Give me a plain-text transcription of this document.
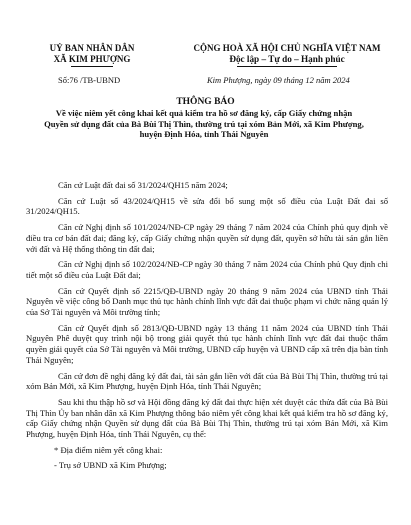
UỶ BAN NHÂN DÂN
XÃ KIM PHƯỢNG
CỘNG HOÀ XÃ HỘI CHỦ NGHĨA VIỆT NAM
Độc lập – Tự do – Hạnh phúc
Số:76 /TB-UBND	Kim Phượng, ngày 09 tháng 12 năm 2024
THÔNG BÁO
Về việc niêm yết công khai kết quả kiểm tra hồ sơ đăng ký, cấp Giấy chứng nhận Quyền sử dụng đất của Bà Bùi Thị Thìn, thường trú tại xóm Bản Mới, xã Kim Phượng, huyện Định Hóa, tỉnh Thái Nguyên

Căn cứ Luật đất đai số 31/2024/QH15 năm 2024;

Căn cứ Luật số 43/2024/QH15 về sửa đổi bổ sung một số điều của Luật Đất đai số 31/2024/QH15.

Căn cứ Nghị định số 101/2024/NĐ-CP ngày 29 tháng 7 năm 2024 của Chính phủ quy định về điều tra cơ bản đất đai; đăng ký, cấp Giấy chứng nhận quyền sử dụng đất, quyền sở hữu tài sản gắn liền với đất và Hệ thống thông tin đất đai;

Căn cứ Nghị định số 102/2024/NĐ-CP ngày 30 tháng 7 năm 2024 của Chính phủ Quy định chi tiết một số điều của Luật Đất đai;

Căn cứ Quyết định số 2215/QĐ-UBND ngày 20 tháng 9 năm 2024 của UBND tỉnh Thái Nguyên về việc công bố Danh mục thủ tục hành chính lĩnh vực đất đai thuộc phạm vi chức năng quản lý của Sở Tài nguyên và Môi trường tỉnh;

Căn cứ Quyết định số 2813/QĐ-UBND ngày 13 tháng 11 năm 2024 của UBND tỉnh Thái Nguyên Phê duyệt quy trình nội bộ trong giải quyết thủ tục hành chính lĩnh vực đất đai thuộc thẩm quyền giải quyết của Sở Tài nguyên và Môi trường, UBND cấp huyện và UBND cấp xã trên địa bàn tỉnh Thái Nguyên;

Căn cứ đơn đề nghị đăng ký đất đai, tài sản gắn liền với đất của Bà Bùi Thị Thìn, thường trú tại xóm Bản Mới, xã Kim Phượng, huyện Định Hóa, tỉnh Thái Nguyên;

Sau khi thu thập hồ sơ và Hội đồng đăng ký đất đai thực hiện xét duyệt các thửa đất của Bà Bùi Thị Thìn Ủy ban nhân dân xã Kim Phượng thông báo niêm yết công khai kết quả kiểm tra hồ sơ đăng ký, cấp Giấy chứng nhận Quyền sử dụng đất của Bà Bùi Thị Thìn, thường trú tại xóm Bản Mới, xã Kim Phượng, huyện Định Hóa, tỉnh Thái Nguyên, cụ thể:

* Địa điểm niêm yết công khai:

- Trụ sở UBND xã Kim Phượng;
